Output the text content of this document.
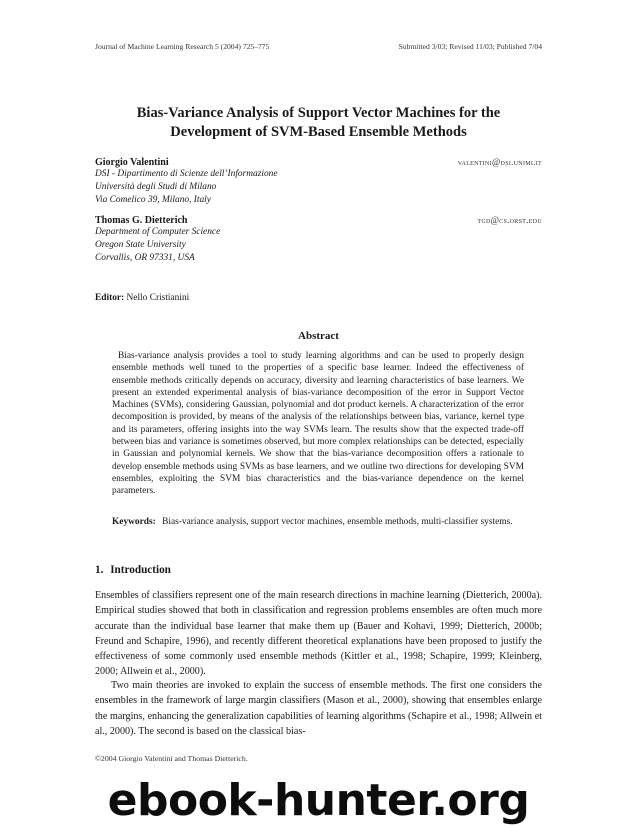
Journal of Machine Learning Research 5 (2004) 725–775	Submitted 3/03; Revised 11/03; Published 7/04
Bias-Variance Analysis of Support Vector Machines for the
Development of SVM-Based Ensemble Methods
Giorgio Valentini	valentini@dsi.unimi.it
DSI - Dipartimento di Scienze dell’Informazione
Università degli Studi di Milano
Via Comelico 39, Milano, Italy
Thomas G. Dietterich	tgd@cs.orst.edu
Department of Computer Science
Oregon State University
Corvallis, OR 97331, USA
Editor: Nello Cristianini
Abstract
Bias-variance analysis provides a tool to study learning algorithms and can be used to properly design ensemble methods well tuned to the properties of a specific base learner. Indeed the effectiveness of ensemble methods critically depends on accuracy, diversity and learning characteristics of base learners. We present an extended experimental analysis of bias-variance decomposition of the error in Support Vector Machines (SVMs), considering Gaussian, polynomial and dot product kernels. A characterization of the error decomposition is provided, by means of the analysis of the relationships between bias, variance, kernel type and its parameters, offering insights into the way SVMs learn. The results show that the expected trade-off between bias and variance is sometimes observed, but more complex relationships can be detected, especially in Gaussian and polynomial kernels. We show that the bias-variance decomposition offers a rationale to develop ensemble methods using SVMs as base learners, and we outline two directions for developing SVM ensembles, exploiting the SVM bias characteristics and the bias-variance dependence on the kernel parameters.
Keywords: Bias-variance analysis, support vector machines, ensemble methods, multi-classifier systems.
1. Introduction
Ensembles of classifiers represent one of the main research directions in machine learning (Dietterich, 2000a). Empirical studies showed that both in classification and regression problems ensembles are often much more accurate than the individual base learner that make them up (Bauer and Kohavi, 1999; Dietterich, 2000b; Freund and Schapire, 1996), and recently different theoretical explanations have been proposed to justify the effectiveness of some commonly used ensemble methods (Kittler et al., 1998; Schapire, 1999; Kleinberg, 2000; Allwein et al., 2000).
Two main theories are invoked to explain the success of ensemble methods. The first one considers the ensembles in the framework of large margin classifiers (Mason et al., 2000), showing that ensembles enlarge the margins, enhancing the generalization capabilities of learning algorithms (Schapire et al., 1998; Allwein et al., 2000). The second is based on the classical bias-
©2004 Giorgio Valentini and Thomas Dietterich.
ebook-hunter.org
